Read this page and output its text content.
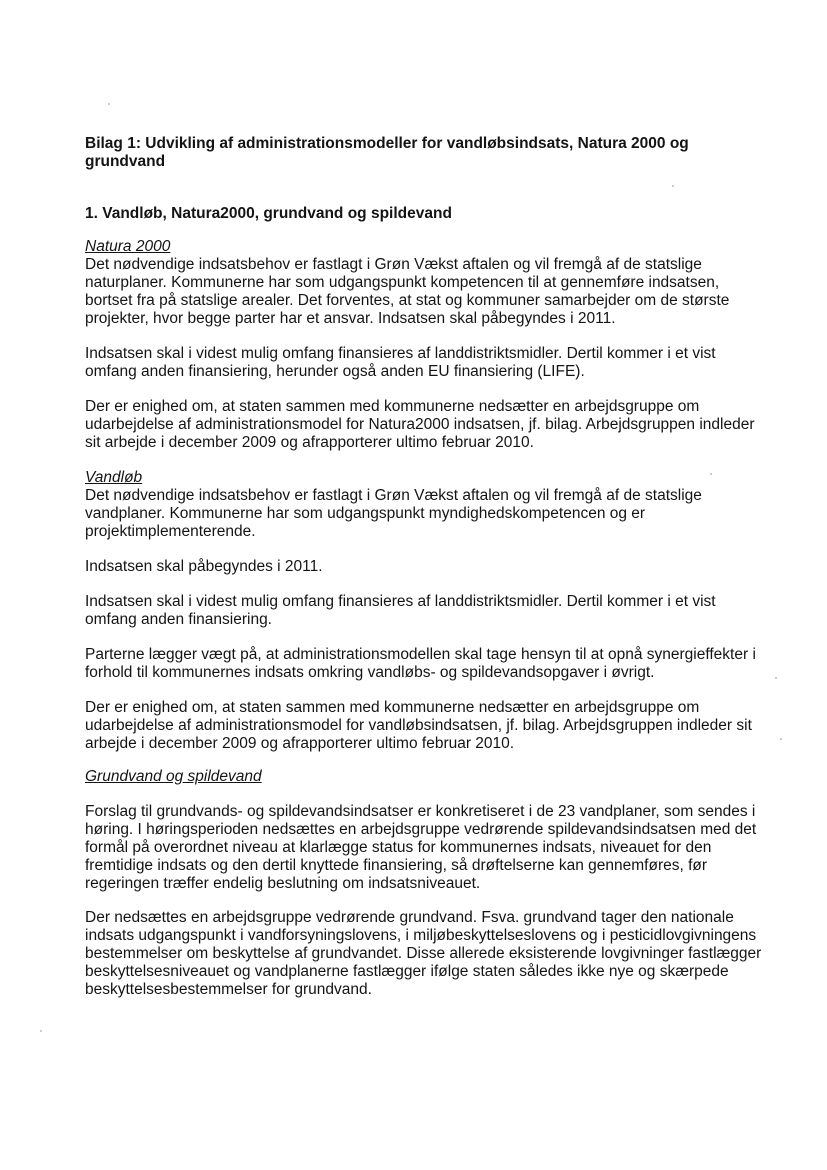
Bilag 1: Udvikling af administrationsmodeller for vandløbsindsats, Natura 2000 og grundvand
1. Vandløb, Natura2000, grundvand og spildevand

Natura 2000

Det nødvendige indsatsbehov er fastlagt i Grøn Vækst aftalen og vil fremgå af de statslige naturplaner. Kommunerne har som udgangspunkt kompetencen til at gennemføre indsatsen, bortset fra på statslige arealer. Det forventes, at stat og kommuner samarbejder om de største projekter, hvor begge parter har et ansvar. Indsatsen skal påbegyndes i 2011.

Indsatsen skal i videst mulig omfang finansieres af landdistriktsmidler. Dertil kommer i et vist omfang anden finansiering, herunder også anden EU finansiering (LIFE).

Der er enighed om, at staten sammen med kommunerne nedsætter en arbejdsgruppe om udarbejdelse af administrationsmodel for Natura2000 indsatsen, jf. bilag. Arbejdsgruppen indleder sit arbejde i december 2009 og afrapporterer ultimo februar 2010.

Vandløb

Det nødvendige indsatsbehov er fastlagt i Grøn Vækst aftalen og vil fremgå af de statslige vandplaner. Kommunerne har som udgangspunkt myndighedskompetencen og er projektimplementerende.

Indsatsen skal påbegyndes i 2011.

Indsatsen skal i videst mulig omfang finansieres af landdistriktsmidler. Dertil kommer i et vist omfang anden finansiering.

Parterne lægger vægt på, at administrationsmodellen skal tage hensyn til at opnå synergieffekter i forhold til kommunernes indsats omkring vandløbs- og spildevandsopgaver i øvrigt.

Der er enighed om, at staten sammen med kommunerne nedsætter en arbejdsgruppe om udarbejdelse af administrationsmodel for vandløbsindsatsen, jf. bilag. Arbejdsgruppen indleder sit arbejde i december 2009 og afrapporterer ultimo februar 2010.

Grundvand og spildevand

Forslag til grundvands- og spildevandsindsatser er konkretiseret i de 23 vandplaner, som sendes i høring. I høringsperioden nedsættes en arbejdsgruppe vedrørende spildevandsindsatsen med det formål på overordnet niveau at klarlægge status for kommunernes indsats, niveauet for den fremtidige indsats og den dertil knyttede finansiering, så drøftelserne kan gennemføres, før regeringen træffer endelig beslutning om indsatsniveauet.

Der nedsættes en arbejdsgruppe vedrørende grundvand. Fsva. grundvand tager den nationale indsats udgangspunkt i vandforsyningslovens, i miljøbeskyttelseslovens og i pesticidlovgivningens bestemmelser om beskyttelse af grundvandet. Disse allerede eksisterende lovgivninger fastlægger beskyttelsesniveauet og vandplanerne fastlægger ifølge staten således ikke nye og skærpede beskyttelsesbestemmelser for grundvand.
